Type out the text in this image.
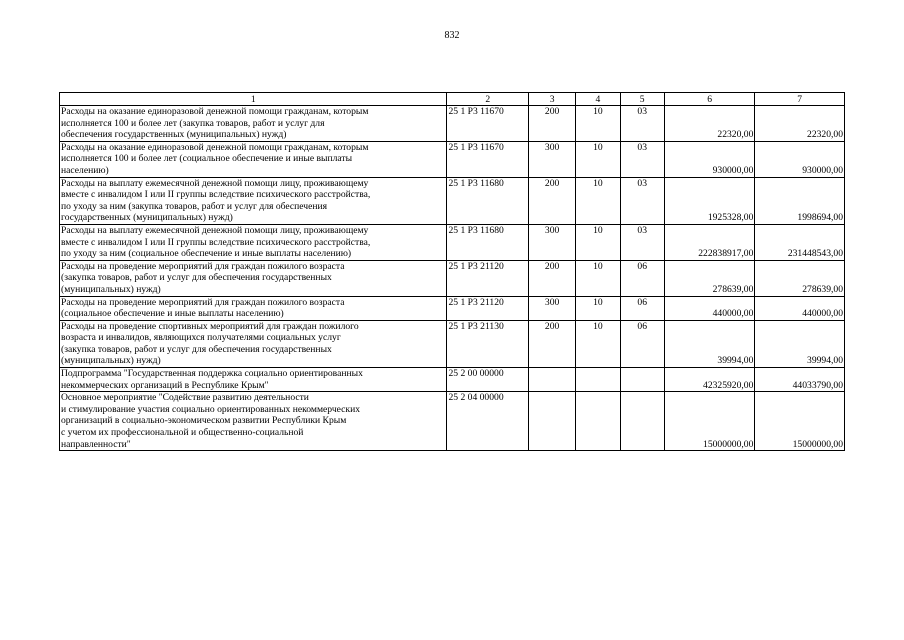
832
1	2	3	4	5	6	7

Расходы на оказание единоразовой денежной помощи гражданам, которым
исполняется 100 и более лет (закупка товаров, работ и услуг для
обеспечения государственных (муниципальных) нужд)	25 1 Р3 11670	200	10	03	22320,00	22320,00

Расходы на оказание единоразовой денежной помощи гражданам, которым
исполняется 100 и более лет (социальное обеспечение и иные выплаты
населению)	25 1 Р3 11670	300	10	03	930000,00	930000,00

Расходы на выплату ежемесячной денежной помощи лицу, проживающему
вместе с инвалидом I или II группы вследствие психического расстройства,
по уходу за ним (закупка товаров, работ и услуг для обеспечения
государственных (муниципальных) нужд)	25 1 Р3 11680	200	10	03	1925328,00	1998694,00

Расходы на выплату ежемесячной денежной помощи лицу, проживающему
вместе с инвалидом I или II группы вследствие психического расстройства,
по уходу за ним (социальное обеспечение и иные выплаты населению)	25 1 Р3 11680	300	10	03	222838917,00	231448543,00

Расходы на проведение мероприятий для граждан пожилого возраста
(закупка товаров, работ и услуг для обеспечения государственных
(муниципальных) нужд)	25 1 Р3 21120	200	10	06	278639,00	278639,00

Расходы на проведение мероприятий для граждан пожилого возраста
(социальное обеспечение и иные выплаты населению)	25 1 Р3 21120	300	10	06	440000,00	440000,00

Расходы на проведение спортивных мероприятий для граждан пожилого
возраста и инвалидов, являющихся получателями социальных услуг
(закупка товаров, работ и услуг для обеспечения государственных
(муниципальных) нужд)	25 1 Р3 21130	200	10	06	39994,00	39994,00

Подпрограмма "Государственная поддержка социально ориентированных
некоммерческих организаций в Республике Крым"	25 2 00 00000				42325920,00	44033790,00

Основное мероприятие "Содействие развитию деятельности
и стимулирование участия социально ориентированных некоммерческих
организаций в социально-экономическом развитии Республики Крым
с учетом их профессиональной и общественно-социальной
направленности"	25 2 04 00000				15000000,00	15000000,00
